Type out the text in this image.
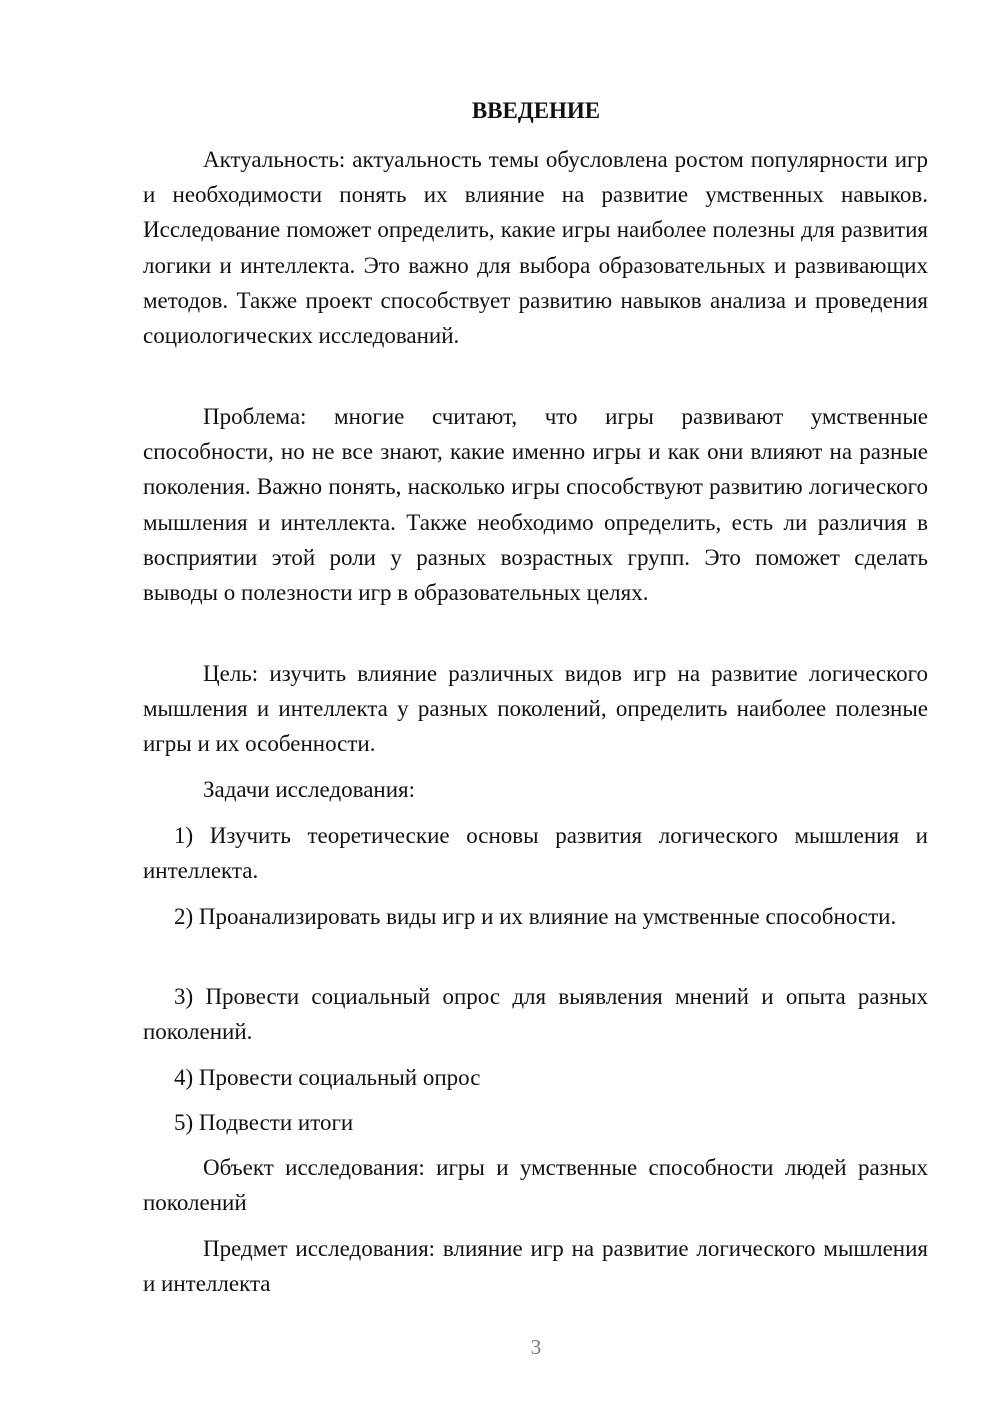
ВВЕДЕНИЕ

Актуальность: актуальность темы обусловлена ростом популярности игр и необходимости понять их влияние на развитие умственных навыков. Исследование поможет определить, какие игры наиболее полезны для развития логики и интеллекта. Это важно для выбора образовательных и развивающих методов. Также проект способствует развитию навыков анализа и проведения социологических исследований.

Проблема: многие считают, что игры развивают умственные способности, но не все знают, какие именно игры и как они влияют на разные поколения. Важно понять, насколько игры способствуют развитию логического мышления и интеллекта. Также необходимо определить, есть ли различия в восприятии этой роли у разных возрастных групп. Это поможет сделать выводы о полезности игр в образовательных целях.

Цель: изучить влияние различных видов игр на развитие логического мышления и интеллекта у разных поколений, определить наиболее полезные игры и их особенности.

Задачи исследования:

1) Изучить теоретические основы развития логического мышления и интеллекта.

2) Проанализировать виды игр и их влияние на умственные способности.

3) Провести социальный опрос для выявления мнений и опыта разных поколений.

4) Провести социальный опрос

5) Подвести итоги

Объект исследования: игры и умственные способности людей разных поколений

Предмет исследования: влияние игр на развитие логического мышления и интеллекта

3
